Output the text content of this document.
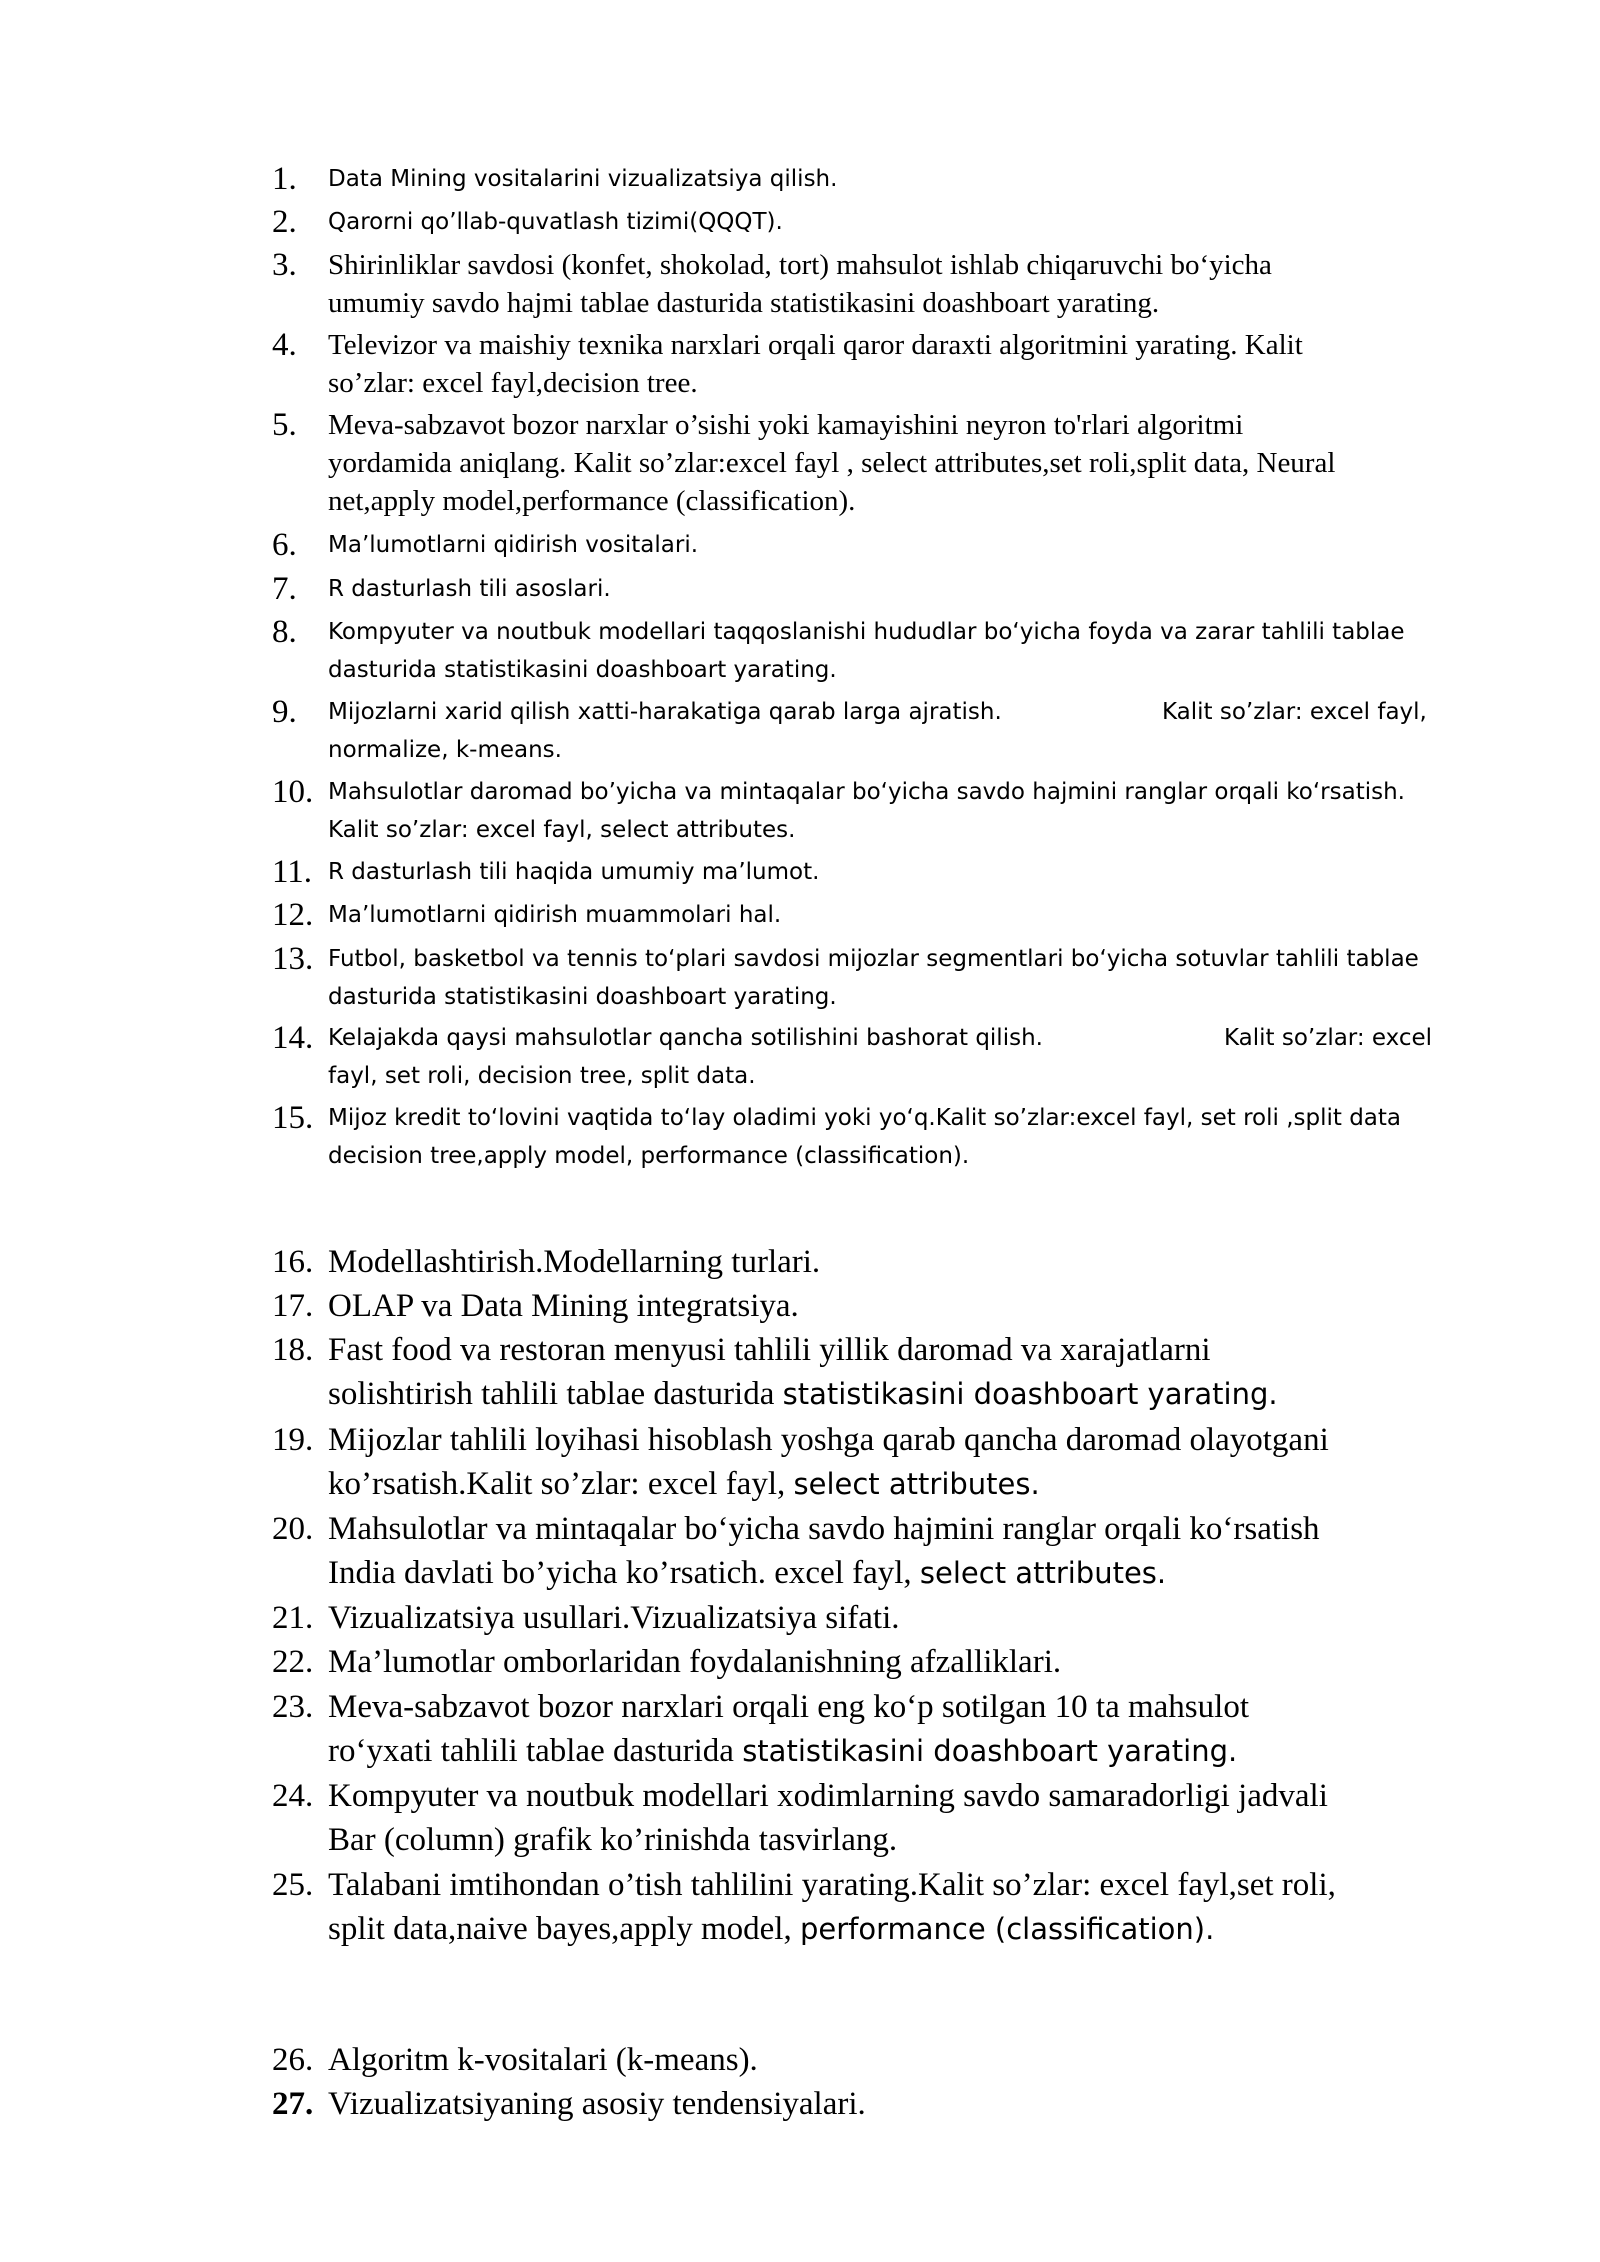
1. Data Mining vositalarini vizualizatsiya qilish.
2. Qarorni qo’llab-quvatlash tizimi(QQQT).
3. Shirinliklar savdosi (konfet, shokolad, tort) mahsulot ishlab chiqaruvchi bo‘yicha
umumiy savdo hajmi tablae dasturida statistikasini doashboart yarating.
4. Televizor va maishiy texnika narxlari orqali qaror daraxti algoritmini yarating. Kalit
so’zlar: excel fayl,decision tree.
5. Meva-sabzavot bozor narxlar o’sishi yoki kamayishini neyron to'rlari algoritmi
yordamida aniqlang. Kalit so’zlar:excel fayl , select attributes,set roli,split data, Neural
net,apply model,performance (classification).
6. Ma’lumotlarni qidirish vositalari.
7. R dasturlash tili asoslari.
8. Kompyuter va noutbuk modellari taqqoslanishi hududlar bo‘yicha foyda va zarar tahlili tablae
dasturida statistikasini doashboart yarating.
9. Mijozlarni xarid qilish xatti-harakatiga qarab larga ajratish.
normalize, k-means.
Kalit so’zlar: excel fayl,
10. Mahsulotlar daromad bo’yicha va mintaqalar bo‘yicha savdo hajmini ranglar orqali ko‘rsatish.
Kalit so’zlar: excel fayl, select attributes.
11. R dasturlash tili haqida umumiy ma’lumot.
12. Ma’lumotlarni qidirish muammolari hal.
13. Futbol, basketbol va tennis to‘plari savdosi mijozlar segmentlari bo‘yicha sotuvlar tahlili tablae
dasturida statistikasini doashboart yarating.
14. Kelajakda qaysi mahsulotlar qancha sotilishini bashorat qilish.
fayl, set roli, decision tree, split data.
Kalit so’zlar: excel
15. Mijoz kredit to‘lovini vaqtida to‘lay oladimi yoki yo‘q.Kalit so’zlar:excel fayl, set roli ,split data
decision tree,apply model, performance (classification).
16. Modellashtirish.Modellarning turlari.
17. OLAP va Data Mining integratsiya.
18. Fast food va restoran menyusi tahlili yillik daromad va xarajatlarni
solishtirish tahlili tablae dasturida statistikasini doashboart yarating.
19. Mijozlar tahlili loyihasi hisoblash yoshga qarab qancha daromad olayotgani
ko’rsatish.Kalit so’zlar: excel fayl, select attributes.
20. Mahsulotlar va mintaqalar bo‘yicha savdo hajmini ranglar orqali ko‘rsatish
India davlati bo’yicha ko’rsatich. excel fayl, select attributes.
21. Vizualizatsiya usullari.Vizualizatsiya sifati.
22. Ma’lumotlar omborlaridan foydalanishning afzalliklari.
23. Meva-sabzavot bozor narxlari orqali eng ko‘p sotilgan 10 ta mahsulot
ro‘yxati tahlili tablae dasturida statistikasini doashboart yarating.
24. Kompyuter va noutbuk modellari xodimlarning savdo samaradorligi jadvali
Bar (column) grafik ko’rinishda tasvirlang.
25. Talabani imtihondan o’tish tahlilini yarating.Kalit so’zlar: excel fayl,set roli,
split data,naive bayes,apply model, performance (classification).
26. Algoritm k-vositalari (k-means).
27. Vizualizatsiyaning asosiy tendensiyalari.
